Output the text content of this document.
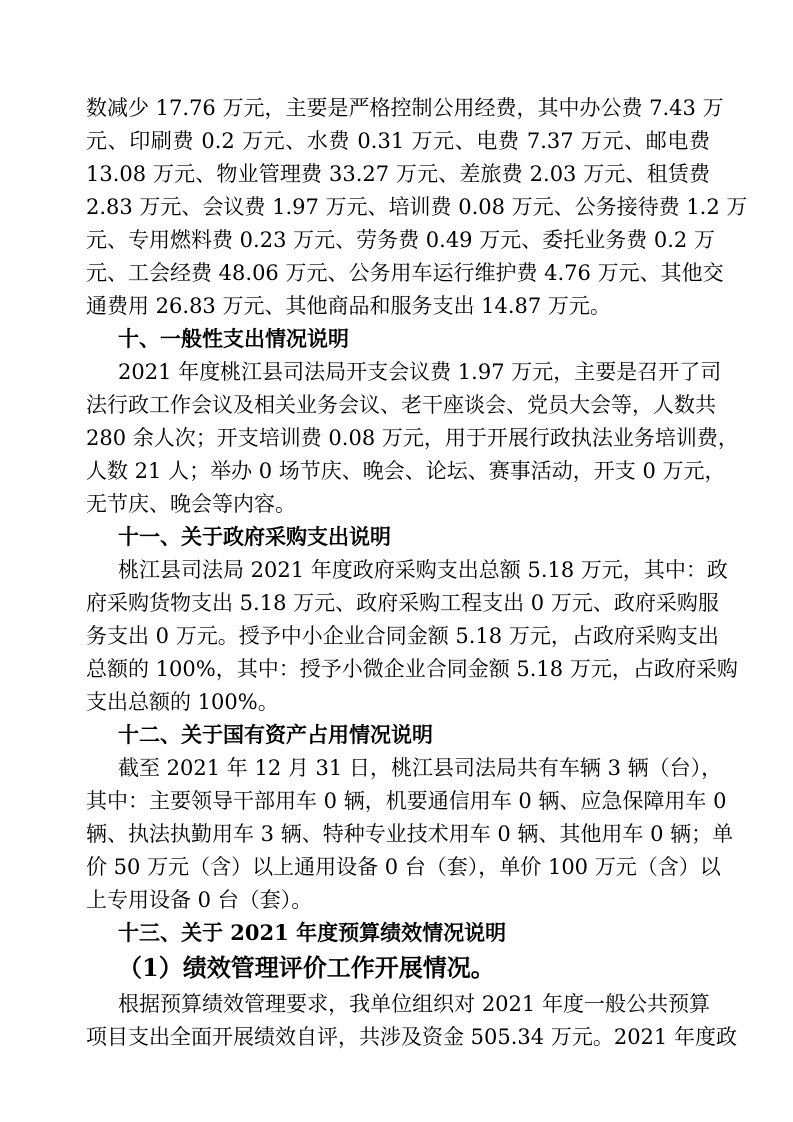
数减少 17.76 万元，主要是严格控制公用经费，其中办公费 7.43 万
元、印刷费 0.2 万元、水费 0.31 万元、电费 7.37 万元、邮电费
13.08 万元、物业管理费 33.27 万元、差旅费 2.03 万元、租赁费
2.83 万元、会议费 1.97 万元、培训费 0.08 万元、公务接待费 1.2 万
元、专用燃料费 0.23 万元、劳务费 0.49 万元、委托业务费 0.2 万
元、工会经费 48.06 万元、公务用车运行维护费 4.76 万元、其他交
通费用 26.83 万元、其他商品和服务支出 14.87 万元。
十、一般性支出情况说明
2021 年度桃江县司法局开支会议费 1.97 万元，主要是召开了司
法行政工作会议及相关业务会议、老干座谈会、党员大会等，人数共
280 余人次；开支培训费 0.08 万元，用于开展行政执法业务培训费，
人数 21 人；举办 0 场节庆、晚会、论坛、赛事活动，开支 0 万元，
无节庆、晚会等内容。
十一、关于政府采购支出说明
桃江县司法局 2021 年度政府采购支出总额 5.18 万元，其中：政
府采购货物支出 5.18 万元、政府采购工程支出 0 万元、政府采购服
务支出 0 万元。授予中小企业合同金额 5.18 万元，占政府采购支出
总额的 100%，其中：授予小微企业合同金额 5.18 万元，占政府采购
支出总额的 100%。
十二、关于国有资产占用情况说明
截至 2021 年 12 月 31 日，桃江县司法局共有车辆 3 辆（台），
其中：主要领导干部用车 0 辆，机要通信用车 0 辆、应急保障用车 0
辆、执法执勤用车 3 辆、特种专业技术用车 0 辆、其他用车 0 辆；单
价 50 万元（含）以上通用设备 0 台（套），单价 100 万元（含）以
上专用设备 0 台（套）。
十三、关于 2021 年度预算绩效情况说明
（1）绩效管理评价工作开展情况。
根据预算绩效管理要求，我单位组织对 2021 年度一般公共预算
项目支出全面开展绩效自评，共涉及资金 505.34 万元。2021 年度政
